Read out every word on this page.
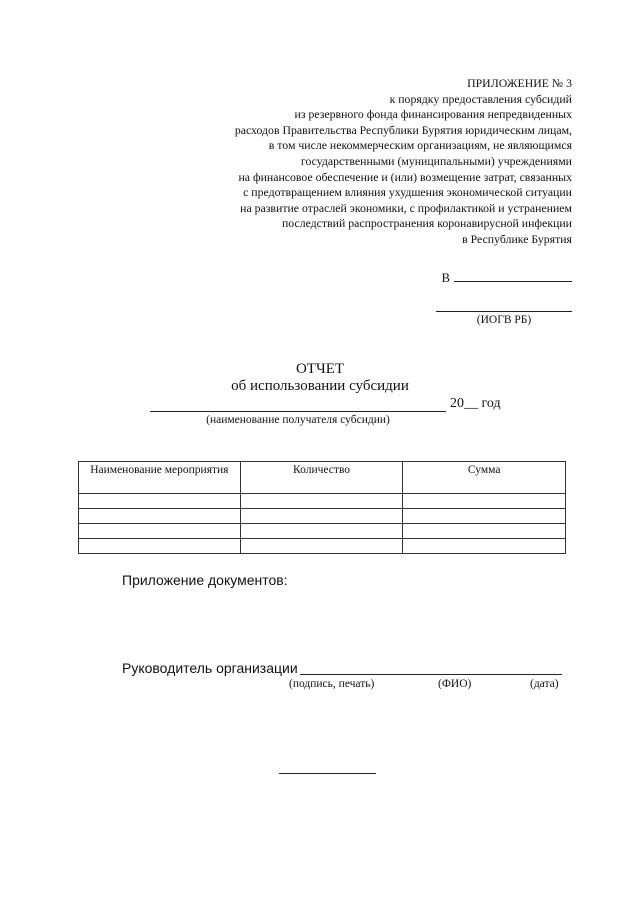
ПРИЛОЖЕНИЕ № 3
к порядку предоставления субсидий
из резервного фонда финансирования непредвиденных
расходов Правительства Республики Бурятия юридическим лицам,
в том числе некоммерческим организациям, не являющимся
государственными (муниципальными) учреждениями
на финансовое обеспечение и (или) возмещение затрат, связанных
с предотвращением влияния ухудшения экономической ситуации
на развитие отраслей экономики, с профилактикой и устранением
последствий распространения коронавирусной инфекции
в Республике Бурятия
В
(ИОГВ РБ)
ОТЧЕТ
об использовании субсидии
20__ год
(наименование получателя субсидии)
Наименование мероприятия	Количество	Сумма

Приложение документов:
Руководитель организации
(подпись, печать)	(ФИО)	(дата)
